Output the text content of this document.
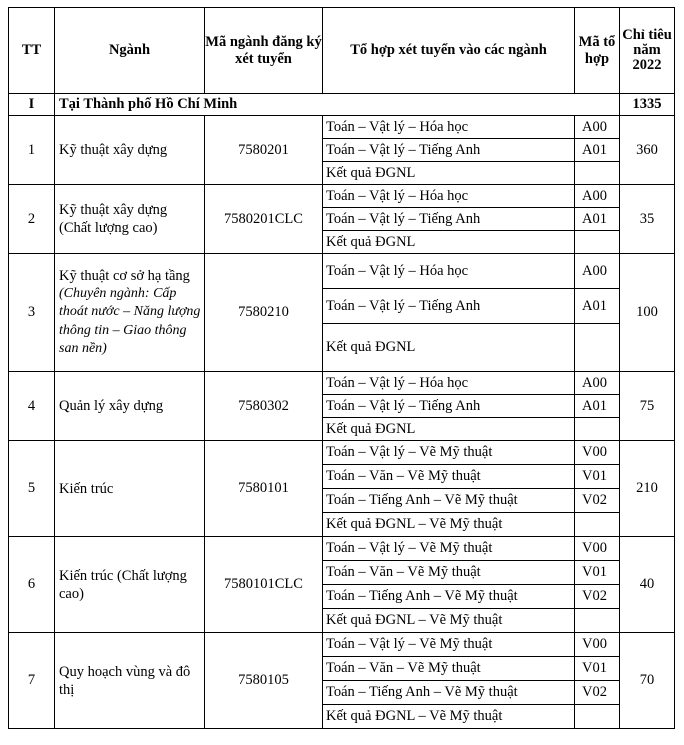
TT	Ngành	Mã ngành đăng ký xét tuyển	Tổ hợp xét tuyển vào các ngành	Mã tổ hợp	Chỉ tiêu năm 2022
I	Tại Thành phố Hồ Chí Minh				1335
1	Kỹ thuật xây dựng	7580201	Toán – Vật lý – Hóa học	A00	360
			Toán – Vật lý – Tiếng Anh	A01	
			Kết quả ĐGNL		
2	Kỹ thuật xây dựng (Chất lượng cao)	7580201CLC	Toán – Vật lý – Hóa học	A00	35
			Toán – Vật lý – Tiếng Anh	A01	
			Kết quả ĐGNL		
3	Kỹ thuật cơ sở hạ tầng
(Chuyên ngành: Cấp thoát nước – Năng lượng thông tin – Giao thông san nền)	7580210	Toán – Vật lý – Hóa học	A00	100
			Toán – Vật lý – Tiếng Anh	A01	
			Kết quả ĐGNL		
4	Quản lý xây dựng	7580302	Toán – Vật lý – Hóa học	A00	75
			Toán – Vật lý – Tiếng Anh	A01	
			Kết quả ĐGNL		
5	Kiến trúc	7580101	Toán – Vật lý – Vẽ Mỹ thuật	V00	210
			Toán – Văn – Vẽ Mỹ thuật	V01	
			Toán – Tiếng Anh – Vẽ Mỹ thuật	V02	
			Kết quả ĐGNL – Vẽ Mỹ thuật		
6	Kiến trúc (Chất lượng cao)	7580101CLC	Toán – Vật lý – Vẽ Mỹ thuật	V00	40
			Toán – Văn – Vẽ Mỹ thuật	V01	
			Toán – Tiếng Anh – Vẽ Mỹ thuật	V02	
			Kết quả ĐGNL – Vẽ Mỹ thuật		
7	Quy hoạch vùng và đô thị	7580105	Toán – Vật lý – Vẽ Mỹ thuật	V00	70
			Toán – Văn – Vẽ Mỹ thuật	V01	
			Toán – Tiếng Anh – Vẽ Mỹ thuật	V02	
			Kết quả ĐGNL – Vẽ Mỹ thuật		
